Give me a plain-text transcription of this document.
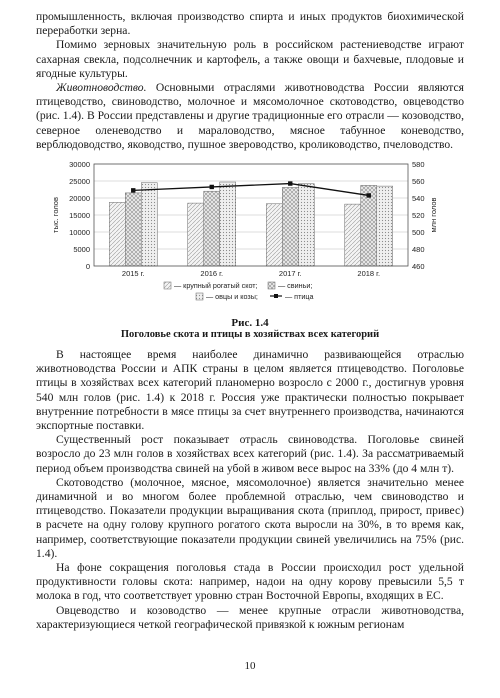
промышленность, включая производство спирта и иных продуктов биохимической переработки зерна.

Помимо зерновых значительную роль в российском растениеводстве играют сахарная свекла, подсолнечник и картофель, а также овощи и бахчевые, плодовые и ягодные культуры.

Животноводство. Основными отраслями животноводства России являются птицеводство, свиноводство, молочное и мясомолочное скотоводство, овцеводство (рис. 1.4). В России представлены и другие традиционные его отрасли — козоводство, северное оленеводство и мараловодство, мясное табунное коневодство, верблюдоводство, яководство, пушное звероводство, кролиководство, пчеловодство.

0
5000
10000
15000
20000
25000
30000
460
480
500
520
540
560
580
тыс. голов	млн голов
2015 г.	2016 г.	2017 г.	2018 г.
— крупный рогатый скот;	— свиньи;
— овцы и козы;	— птица
Рис. 1.4
Поголовье скота и птицы в хозяйствах всех категорий

В настоящее время наиболее динамично развивающейся отраслью животноводства России и АПК страны в целом является птицеводство. Поголовье птицы в хозяйствах всех категорий планомерно возросло с 2000 г., достигнув уровня 540 млн голов (рис. 1.4) к 2018 г. Россия уже практически полностью покрывает внутренние потребности в мясе птицы за счет внутреннего производства, начинаются экспортные поставки.

Существенный рост показывает отрасль свиноводства. Поголовье свиней возросло до 23 млн голов в хозяйствах всех категорий (рис. 1.4). За рассматриваемый период объем производства свиней на убой в живом весе вырос на 33% (до 4 млн т).

Скотоводство (молочное, мясное, мясомолочное) является значительно менее динамичной и во многом более проблемной отраслью, чем свиноводство и птицеводство. Показатели продукции выращивания скота (приплод, прирост, привес) в расчете на одну голову крупного рогатого скота выросли на 30%, в то время как, например, соответствующие показатели продукции свиней увеличились на 75% (рис. 1.4).

На фоне сокращения поголовья стада в России происходил рост удельной продуктивности головы скота: например, надои на одну корову превысили 5,5 т молока в год, что соответствует уровню стран Восточной Европы, входящих в ЕС.

Овцеводство и козоводство — менее крупные отрасли животноводства, характеризующиеся четкой географической привязкой к южным регионам

10
